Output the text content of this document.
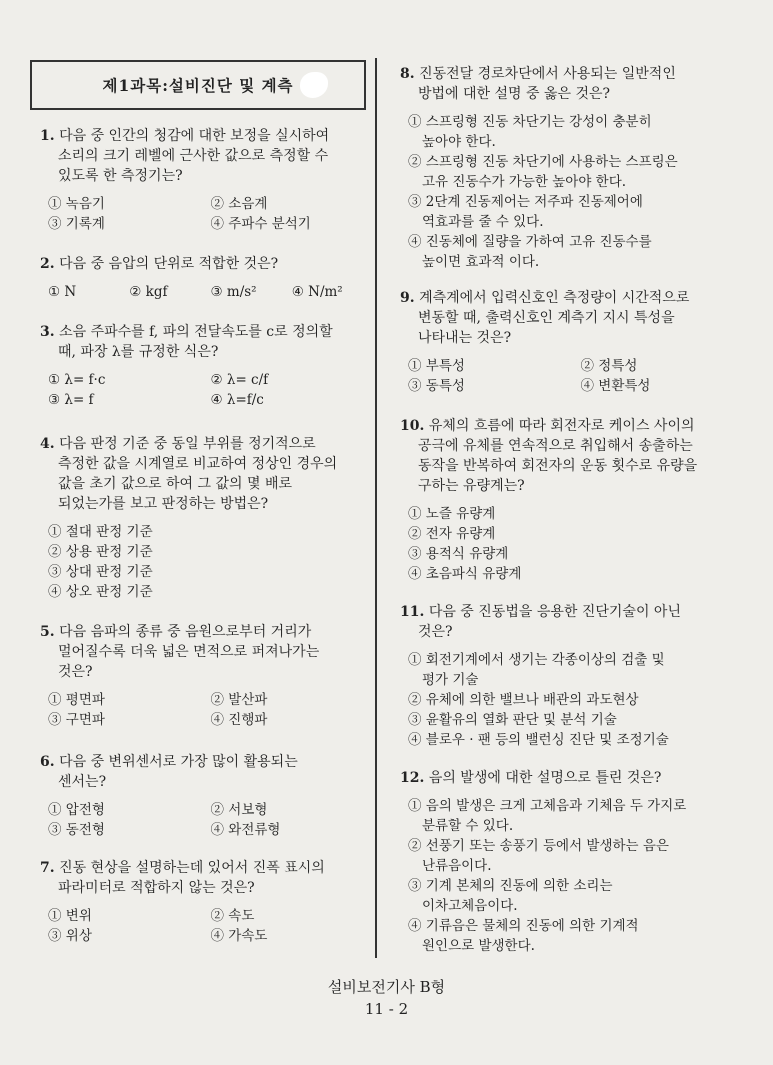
제1과목:설비진단 및 계측
1. 다음 중 인간의 청감에 대한 보정을 실시하여
소리의 크기 레벨에 근사한 값으로 측정할 수
있도록 한 측정기는?
① 녹음기	② 소음계
③ 기록계	④ 주파수 분석기
2. 다음 중 음압의 단위로 적합한 것은?
① N	② kgf	③ m/s²	④ N/m²
3. 소음 주파수를 f, 파의 전달속도를 c로 정의할
때, 파장 λ를 규정한 식은?
① λ= f·c	② λ= c/f
③ λ= f	④ λ=f/c
4. 다음 판정 기준 중 동일 부위를 정기적으로
측정한 값을 시계열로 비교하여 정상인 경우의
값을 초기 값으로 하여 그 값의 몇 배로
되었는가를 보고 판정하는 방법은?
① 절대 판정 기준
② 상용 판정 기준
③ 상대 판정 기준
④ 상오 판정 기준
5. 다음 음파의 종류 중 음원으로부터 거리가
멀어질수록 더욱 넓은 면적으로 퍼져나가는
것은?
① 평면파	② 발산파
③ 구면파	④ 진행파
6. 다음 중 변위센서로 가장 많이 활용되는
센서는?
① 압전형	② 서보형
③ 동전형	④ 와전류형
7. 진동 현상을 설명하는데 있어서 진폭 표시의
파라미터로 적합하지 않는 것은?
① 변위	② 속도
③ 위상	④ 가속도
8. 진동전달 경로차단에서 사용되는 일반적인
방법에 대한 설명 중 옳은 것은?
① 스프링형 진동 차단기는 강성이 충분히
높아야 한다.
② 스프링형 진동 차단기에 사용하는 스프링은
고유 진동수가 가능한 높아야 한다.
③ 2단계 진동제어는 저주파 진동제어에
역효과를 줄 수 있다.
④ 진동체에 질량을 가하여 고유 진동수를
높이면 효과적 이다.
9. 계측계에서 입력신호인 측정량이 시간적으로
변동할 때, 출력신호인 계측기 지시 특성을
나타내는 것은?
① 부특성	② 정특성
③ 동특성	④ 변환특성
10. 유체의 흐름에 따라 회전자로 케이스 사이의
공극에 유체를 연속적으로 취입해서 송출하는
동작을 반복하여 회전자의 운동 횟수로 유량을
구하는 유량계는?
① 노즐 유량계
② 전자 유량계
③ 용적식 유량계
④ 초음파식 유량계
11. 다음 중 진동법을 응용한 진단기술이 아닌
것은?
① 회전기계에서 생기는 각종이상의 검출 및
평가 기술
② 유체에 의한 밸브나 배관의 과도현상
③ 윤활유의 열화 판단 및 분석 기술
④ 블로우 · 팬 등의 밸런싱 진단 및 조정기술
12. 음의 발생에 대한 설명으로 틀린 것은?
① 음의 발생은 크게 고체음과 기체음 두 가지로
분류할 수 있다.
② 선풍기 또는 송풍기 등에서 발생하는 음은
난류음이다.
③ 기계 본체의 진동에 의한 소리는
이차고체음이다.
④ 기류음은 물체의 진동에 의한 기계적
원인으로 발생한다.
설비보전기사 B형
11 - 2
